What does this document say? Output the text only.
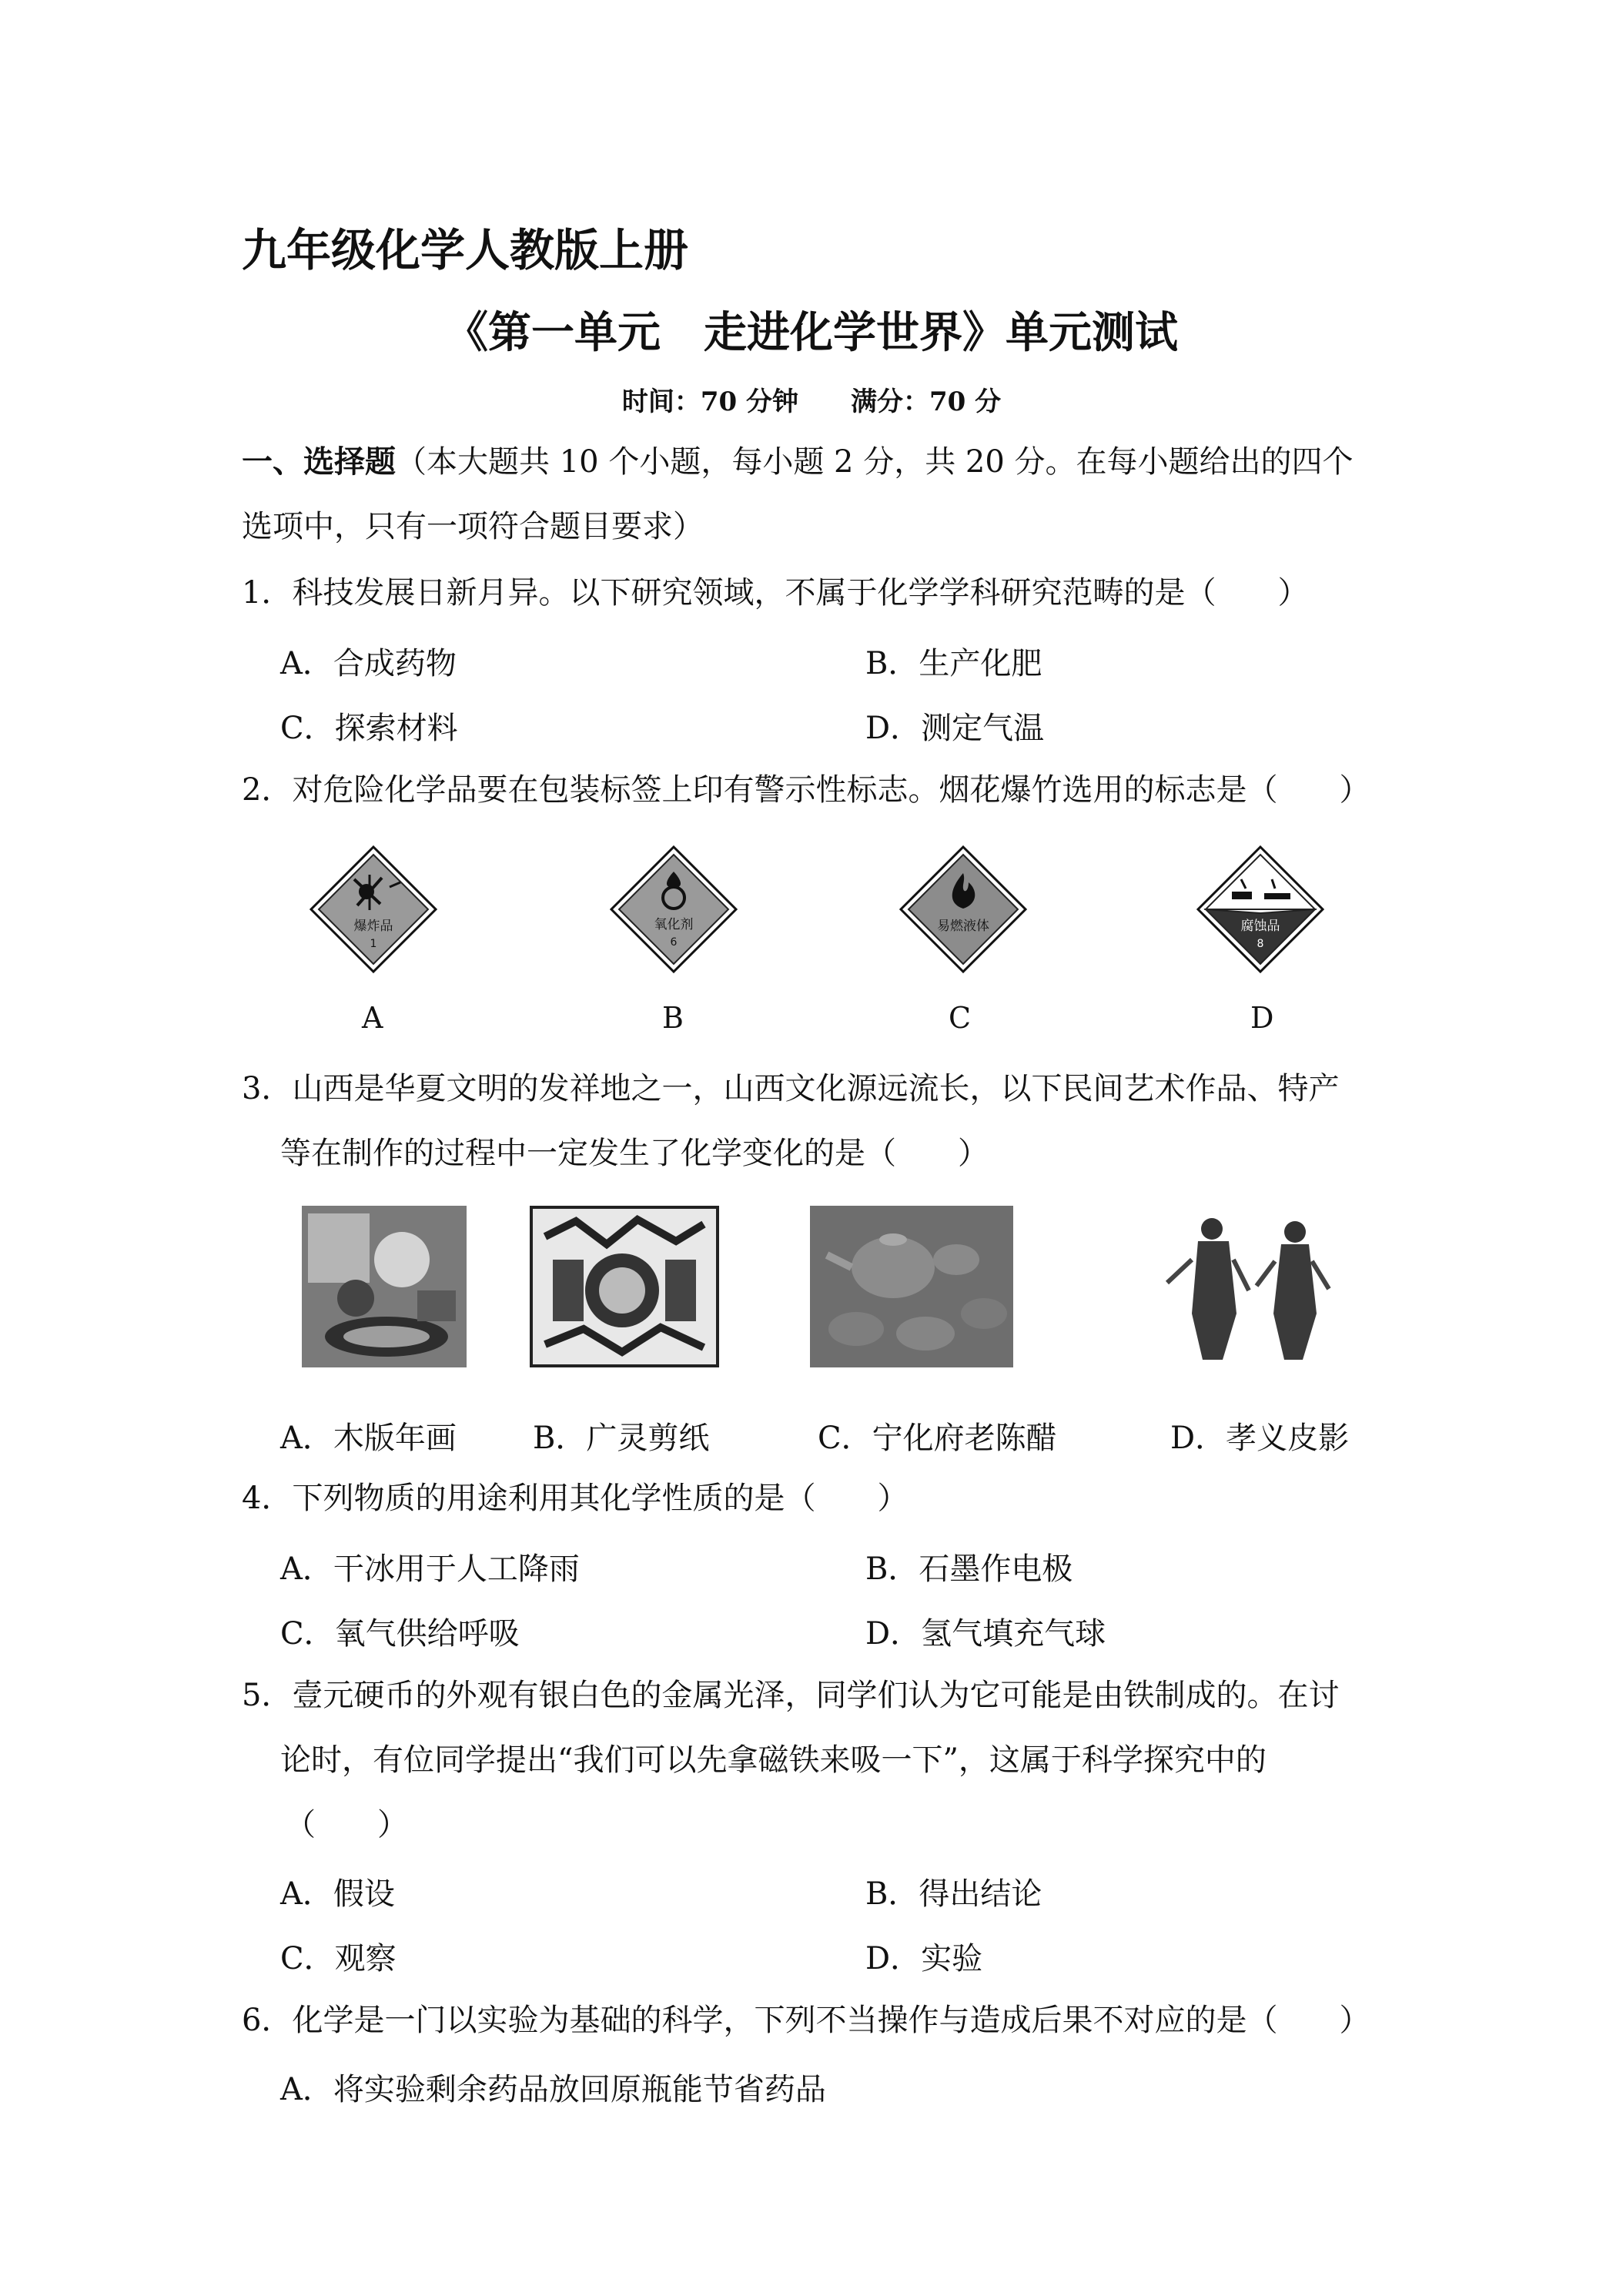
九年级化学人教版上册
《第一单元　走进化学世界》单元测试
时间：70 分钟　　满分：70 分
一、选择题（本大题共 10 个小题，每小题 2 分，共 20 分。在每小题给出的四个
选项中，只有一项符合题目要求）
1．科技发展日新月异。以下研究领域，不属于化学学科研究范畴的是（　　）
A．合成药物	B．生产化肥
C．探索材料	D．测定气温
2．对危险化学品要在包装标签上印有警示性标志。烟花爆竹选用的标志是（　　）
爆炸品
1
氧化剂
6
易燃液体	腐蚀品
8
A	B	C	D
3．山西是华夏文明的发祥地之一，山西文化源远流长，以下民间艺术作品、特产
等在制作的过程中一定发生了化学变化的是（　　）
A．木版年画 B．广灵剪纸	C．宁化府老陈醋	D．孝义皮影
4．下列物质的用途利用其化学性质的是（　　）
A．干冰用于人工降雨	B．石墨作电极
C．氧气供给呼吸	D．氢气填充气球
5．壹元硬币的外观有银白色的金属光泽，同学们认为它可能是由铁制成的。在讨
论时，有位同学提出“我们可以先拿磁铁来吸一下”，这属于科学探究中的
（　　）
A．假设	B．得出结论
C．观察	D．实验
6．化学是一门以实验为基础的科学，下列不当操作与造成后果不对应的是（　　）
A．将实验剩余药品放回原瓶能节省药品
